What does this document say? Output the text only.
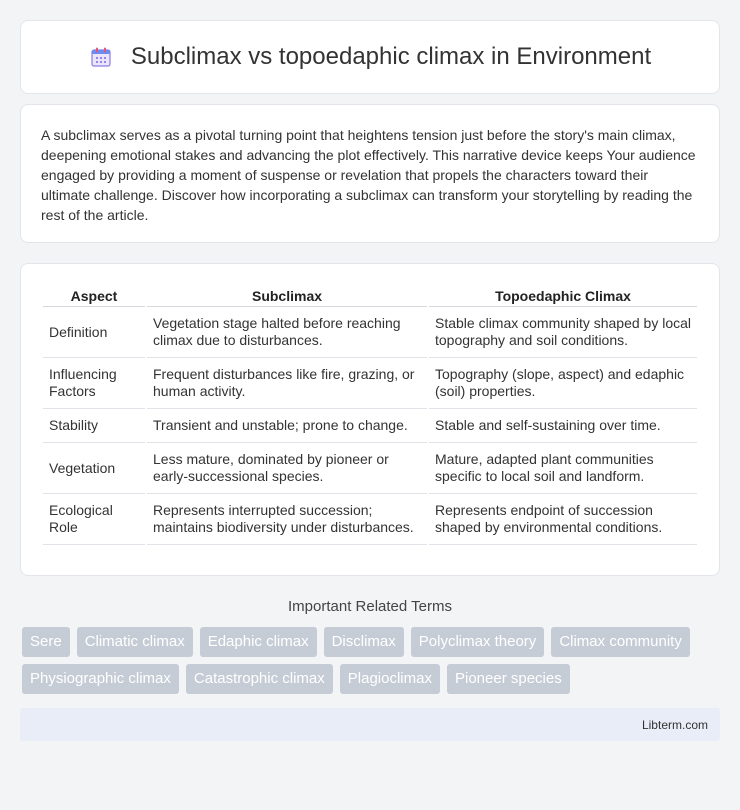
Subclimax vs topoedaphic climax in Environment

A subclimax serves as a pivotal turning point that heightens tension just before the story's main climax, deepening emotional stakes and advancing the plot effectively. This narrative device keeps Your audience engaged by providing a moment of suspense or revelation that propels the characters toward their ultimate challenge. Discover how incorporating a subclimax can transform your storytelling by reading the rest of the article.

Aspect	Subclimax	Topoedaphic Climax
Definition	Vegetation stage halted before reaching climax due to disturbances.	Stable climax community shaped by local topography and soil conditions.
Influencing Factors	Frequent disturbances like fire, grazing, or human activity.	Topography (slope, aspect) and edaphic (soil) properties.
Stability	Transient and unstable; prone to change.	Stable and self-sustaining over time.
Vegetation	Less mature, dominated by pioneer or early-successional species.	Mature, adapted plant communities specific to local soil and landform.
Ecological Role	Represents interrupted succession; maintains biodiversity under disturbances.	Represents endpoint of succession shaped by environmental conditions.
Important Related Terms
Sere	Climatic climax	Edaphic climax	Disclimax	Polyclimax theory	Climax community
Physiographic climax	Catastrophic climax	Plagioclimax	Pioneer species
Libterm.com
